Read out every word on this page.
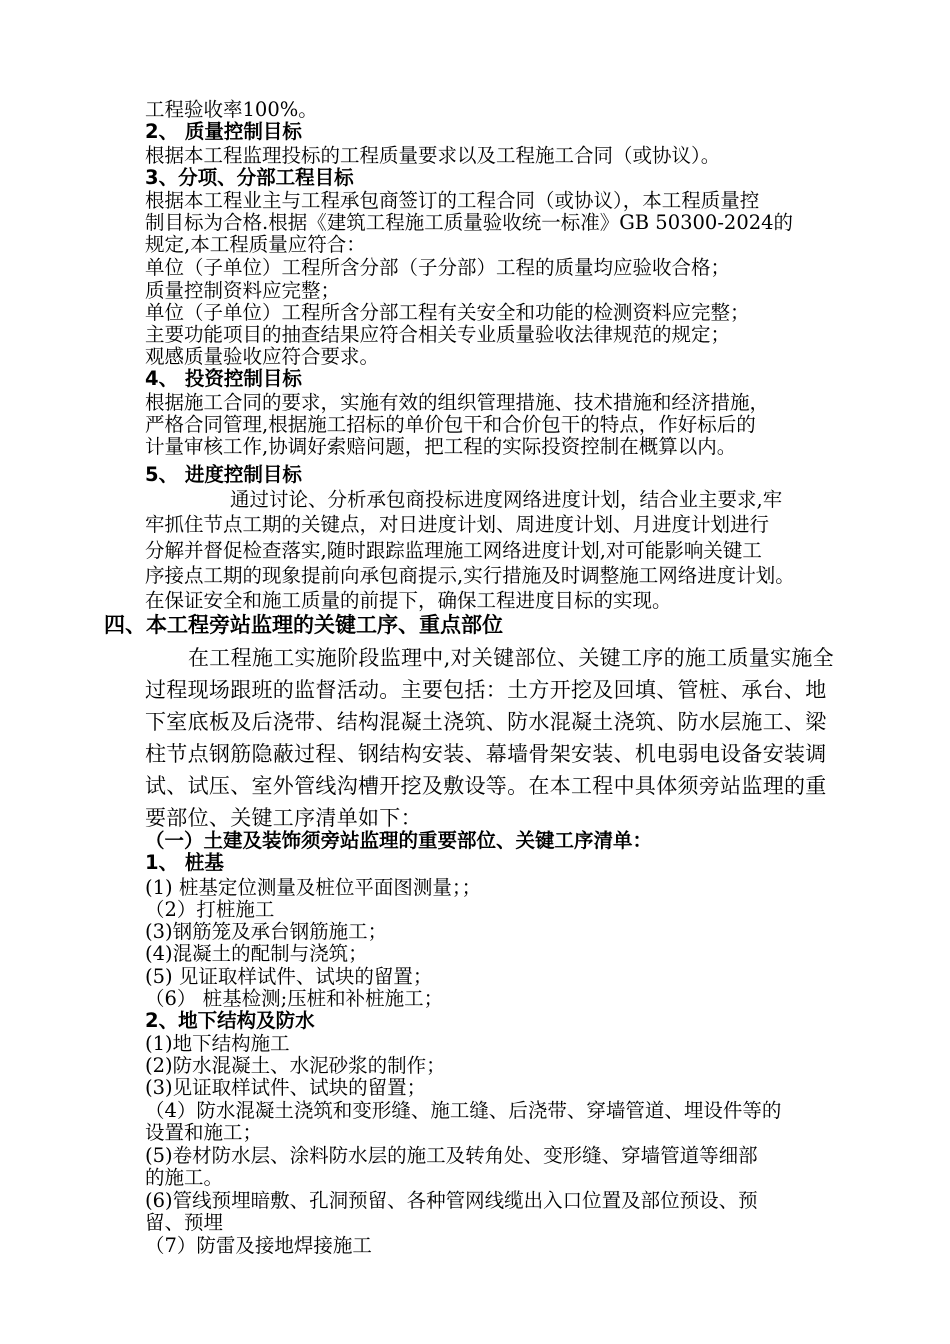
工程验收率100%。
2、 质量控制目标
根据本工程监理投标的工程质量要求以及工程施工合同（或协议）。
3、分项、分部工程目标
根据本工程业主与工程承包商签订的工程合同（或协议），本工程质量控
制目标为合格.根据《建筑工程施工质量验收统一标准》GB 50300-2024的
规定,本工程质量应符合：
单位（子单位）工程所含分部（子分部）工程的质量均应验收合格；
质量控制资料应完整；
单位（子单位）工程所含分部工程有关安全和功能的检测资料应完整；
主要功能项目的抽查结果应符合相关专业质量验收法律规范的规定；
观感质量验收应符合要求。
4、 投资控制目标
根据施工合同的要求，实施有效的组织管理措施、技术措施和经济措施，
严格合同管理,根据施工招标的单价包干和合价包干的特点，作好标后的
计量审核工作,协调好索赔问题，把工程的实际投资控制在概算以内。
5、 进度控制目标
通过讨论、分析承包商投标进度网络进度计划，结合业主要求,牢
牢抓住节点工期的关键点，对日进度计划、周进度计划、月进度计划进行
分解并督促检查落实,随时跟踪监理施工网络进度计划,对可能影响关键工
序接点工期的现象提前向承包商提示,实行措施及时调整施工网络进度计划。
在保证安全和施工质量的前提下，确保工程进度目标的实现。
四、本工程旁站监理的关键工序、重点部位
在工程施工实施阶段监理中,对关键部位、关键工序的施工质量实施全
过程现场跟班的监督活动。主要包括：土方开挖及回填、管桩、承台、地
下室底板及后浇带、结构混凝土浇筑、防水混凝土浇筑、防水层施工、梁
柱节点钢筋隐蔽过程、钢结构安装、幕墙骨架安装、机电弱电设备安装调
试、试压、室外管线沟槽开挖及敷设等。在本工程中具体须旁站监理的重
要部位、关键工序清单如下：
（一）土建及装饰须旁站监理的重要部位、关键工序清单：
1、 桩基
(1) 桩基定位测量及桩位平面图测量；；
（2）打桩施工
(3)钢筋笼及承台钢筋施工；
(4)混凝土的配制与浇筑；
(5) 见证取样试件、试块的留置；
（6） 桩基检测;压桩和补桩施工；
2、地下结构及防水
(1)地下结构施工
(2)防水混凝土、水泥砂浆的制作；
(3)见证取样试件、试块的留置；
（4）防水混凝土浇筑和变形缝、施工缝、后浇带、穿墙管道、埋设件等的
设置和施工；
(5)卷材防水层、涂料防水层的施工及转角处、变形缝、穿墙管道等细部
的施工。
(6)管线预埋暗敷、孔洞预留、各种管网线缆出入口位置及部位预设、预
留、预埋
（7）防雷及接地焊接施工
